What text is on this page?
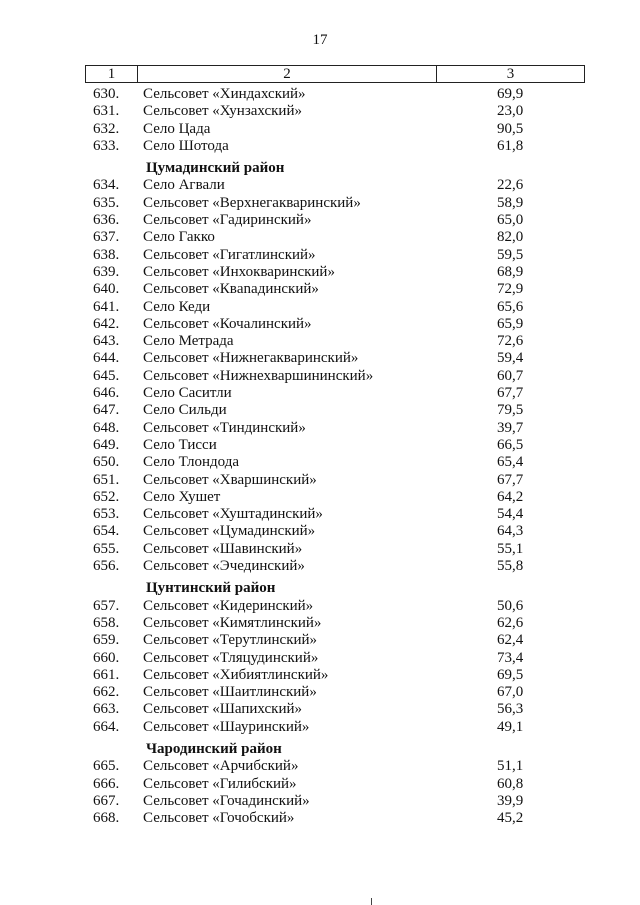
17
1	2	3
630. Сельсовет «Хиндахский»	69,9
631. Сельсовет «Хунзахский»	23,0
632. Село Цада	90,5
633. Село Шотода	61,8
Цумадинский район
634. Село Агвали	22,6
635. Сельсовет «Верхнегакваринский»	58,9
636. Сельсовет «Гадиринский»	65,0
637. Село Гакко	82,0
638. Сельсовет «Гигатлинский»	59,5
639. Сельсовет «Инхокваринский»	68,9
640. Сельсовет «Квanадинский»	72,9
641. Село Кеди	65,6
642. Сельсовет «Кочалинский»	65,9
643. Село Метрада	72,6
644. Сельсовет «Нижнегакваринский»	59,4
645. Сельсовет «Нижнехваршининский»	60,7
646. Село Саситли	67,7
647. Село Сильди	79,5
648. Сельсовет «Тиндинский»	39,7
649. Село Тисси	66,5
650. Село Тлондода	65,4
651. Сельсовет «Хваршинский»	67,7
652. Село Хушет	64,2
653. Сельсовет «Хуштадинский»	54,4
654. Сельсовет «Цумадинский»	64,3
655. Сельсовет «Шавинский»	55,1
656. Сельсовет «Эчединский»	55,8
Цунтинский район
657. Сельсовет «Кидеринский»	50,6
658. Сельсовет «Кимятлинский»	62,6
659. Сельсовет «Терутлинский»	62,4
660. Сельсовет «Тляцудинский»	73,4
661. Сельсовет «Хибиятлинский»	69,5
662. Сельсовет «Шаитлинский»	67,0
663. Сельсовет «Шапихский»	56,3
664. Сельсовет «Шауринский»	49,1
Чародинский район
665. Сельсовет «Арчибский»	51,1
666. Сельсовет «Гилибский»	60,8
667. Сельсовет «Гочадинский»	39,9
668. Сельсовет «Гочобский»	45,2
